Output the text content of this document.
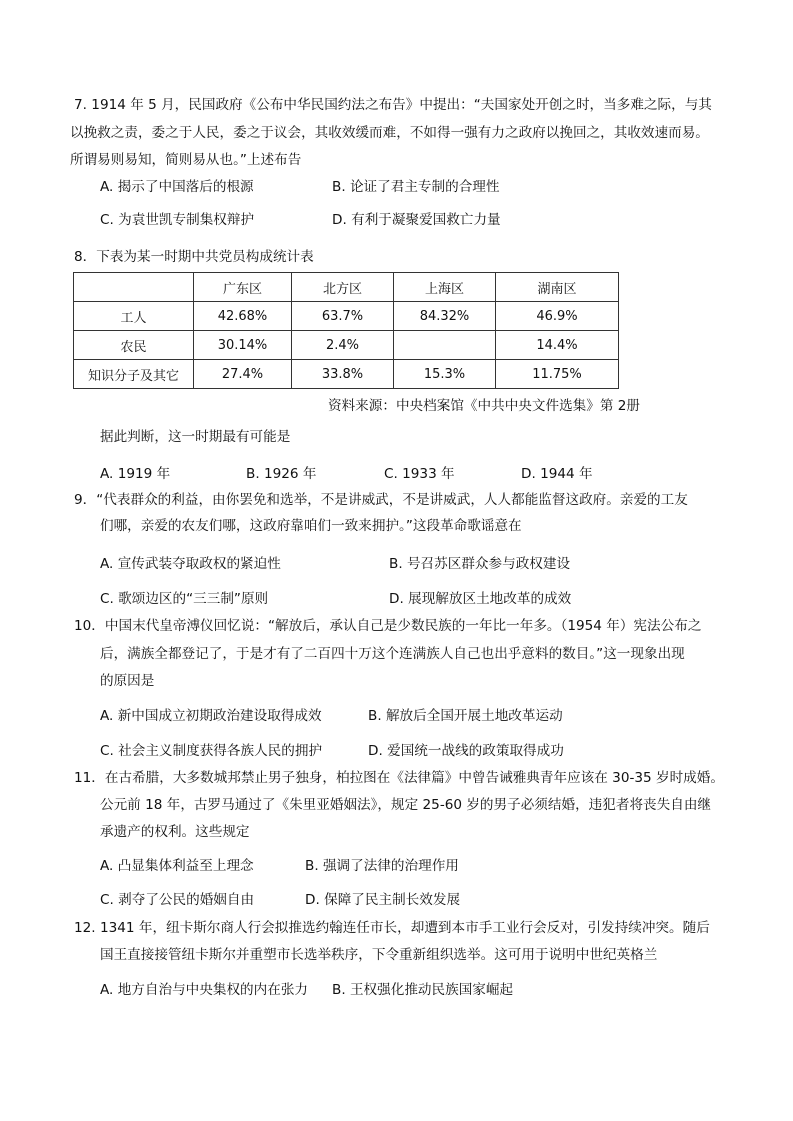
7. 1914 年 5 月，民国政府《公布中华民国约法之布告》中提出：“夫国家处开创之时，当多难之际，与其
以挽救之责，委之于人民，委之于议会，其收效缓而难，不如得一强有力之政府以挽回之，其收效速而易。
所谓易则易知，简则易从也。”上述布告
A. 揭示了中国落后的根源	B. 论证了君主专制的合理性
C. 为袁世凯专制集权辩护	D. 有利于凝聚爱国救亡力量
8．下表为某一时期中共党员构成统计表
	广东区	北方区	上海区	湖南区
工人	42.68%	63.7%	84.32%	46.9%
农民	30.14%	2.4%		14.4%
知识分子及其它	27.4%	33.8%	15.3%	11.75%
资料来源：中央档案馆《中共中央文件选集》第 2册
据此判断，这一时期最有可能是
A. 1919 年	B. 1926 年	C. 1933 年	D. 1944 年
9．“代表群众的利益，由你罢免和选举，不是讲威武，不是讲威武，人人都能监督这政府。亲爱的工友
们哪，亲爱的农友们哪，这政府靠咱们一致来拥护。”这段革命歌谣意在
A. 宣传武装夺取政权的紧迫性	B. 号召苏区群众参与政权建设
C. 歌颂边区的“三三制”原则	D. 展现解放区土地改革的成效
10．中国末代皇帝溥仪回忆说：“解放后，承认自己是少数民族的一年比一年多。（1954 年）宪法公布之
后，满族全都登记了，于是才有了二百四十万这个连满族人自己也出乎意料的数目。”这一现象出现
的原因是
A. 新中国成立初期政治建设取得成效	B. 解放后全国开展土地改革运动
C. 社会主义制度获得各族人民的拥护	D. 爱国统一战线的政策取得成功
11．在古希腊，大多数城邦禁止男子独身，柏拉图在《法律篇》中曾告诫雅典青年应该在 30-35 岁时成婚。
公元前 18 年，古罗马通过了《朱里亚婚姻法》，规定 25-60 岁的男子必须结婚，违犯者将丧失自由继
承遗产的权利。这些规定
A. 凸显集体利益至上理念	B. 强调了法律的治理作用
C. 剥夺了公民的婚姻自由	D. 保障了民主制长效发展
12. 1341 年，纽卡斯尔商人行会拟推选约翰连任市长，却遭到本市手工业行会反对，引发持续冲突。随后
国王直接接管纽卡斯尔并重塑市长选举秩序，下令重新组织选举。这可用于说明中世纪英格兰
A. 地方自治与中央集权的内在张力 B. 王权强化推动民族国家崛起
